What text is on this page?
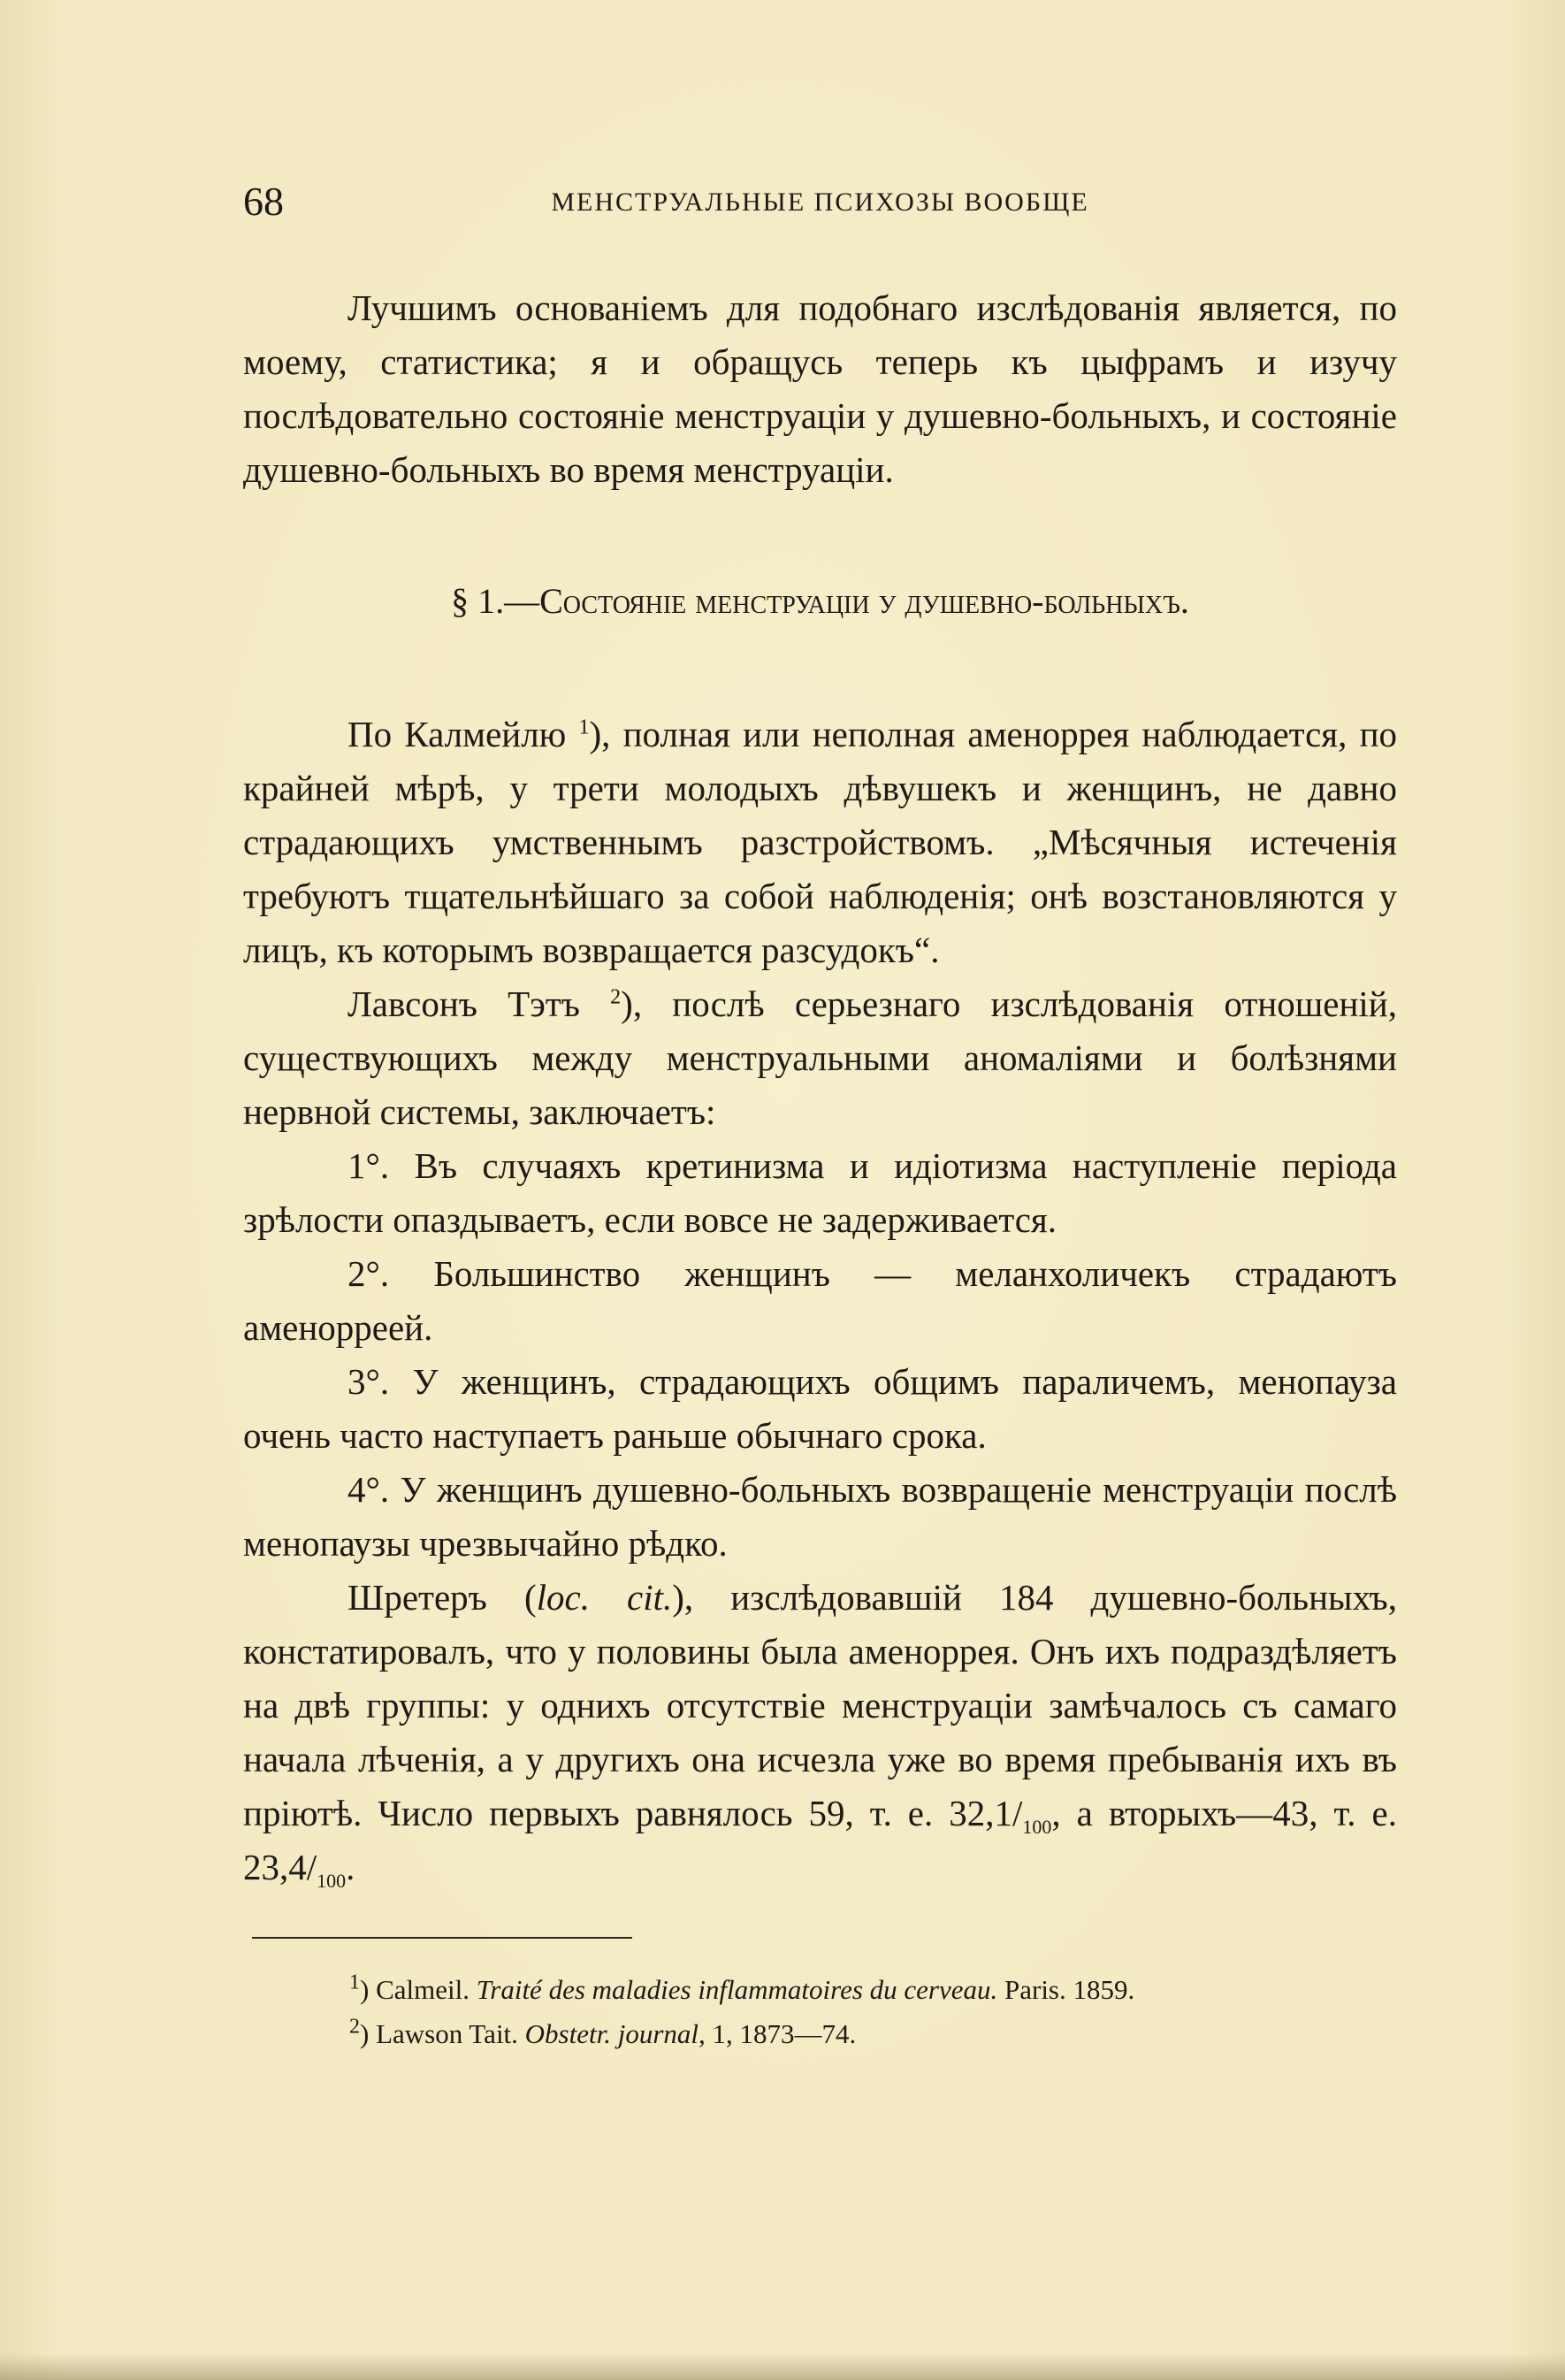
68	МЕНСТРУАЛЬНЫЕ ПСИХОЗЫ ВООБЩЕ

Лучшимъ основаніемъ для подобнаго изслѣдованія является, по моему, статистика; я и обращусь теперь къ цыфрамъ и изучу послѣдовательно состояніе менструаціи у душевно-больныхъ, и состояніе душевно-больныхъ во время менструаціи.

§ 1.—Состояніе менструаціи у душевно-больныхъ.

По Калмейлю $^1$), полная или неполная аменоррея наблюдается, по крайней мѣрѣ, у трети молодыхъ дѣвушекъ и женщинъ, не давно страдающихъ умственнымъ разстройствомъ. „Мѣсячныя истеченія требуютъ тщательнѣйшаго за собой наблюденія; онѣ возстановляются у лицъ, къ которымъ возвращается разсудокъ“.

Лавсонъ Тэтъ $^2$), послѣ серьезнаго изслѣдованія отношеній, существующихъ между менструальными аномаліями и болѣзнями нервной системы, заключаетъ:

1°. Въ случаяхъ кретинизма и идіотизма наступленіе періода зрѣлости опаздываетъ, если вовсе не задерживается.

2°. Большинство женщинъ — меланхоличекъ страдаютъ аменорреей.

3°. У женщинъ, страдающихъ общимъ параличемъ, менопауза очень часто наступаетъ раньше обычнаго срока.

4°. У женщинъ душевно-больныхъ возвращеніе менструаціи послѣ менопаузы чрезвычайно рѣдко.

Шретеръ (loc. cit.), изслѣдовавшій 184 душевно-больныхъ, констатировалъ, что у половины была аменоррея. Онъ ихъ подраздѣляетъ на двѣ группы: у однихъ отсутствіе менструаціи замѣчалось съ самаго начала лѣченія, а у другихъ она исчезла уже во время пребыванія ихъ въ пріютѣ. Число первыхъ равнялось 59, т. е. $32,1/_{100}$, а вторыхъ—43, т. е. $23,4/_{100}$.

$^1$) Calmeil. Traité des maladies inflammatoires du cerveau. Paris. 1859.

$^2$) Lawson Tait. Obstetr. journal, 1, 1873—74.
